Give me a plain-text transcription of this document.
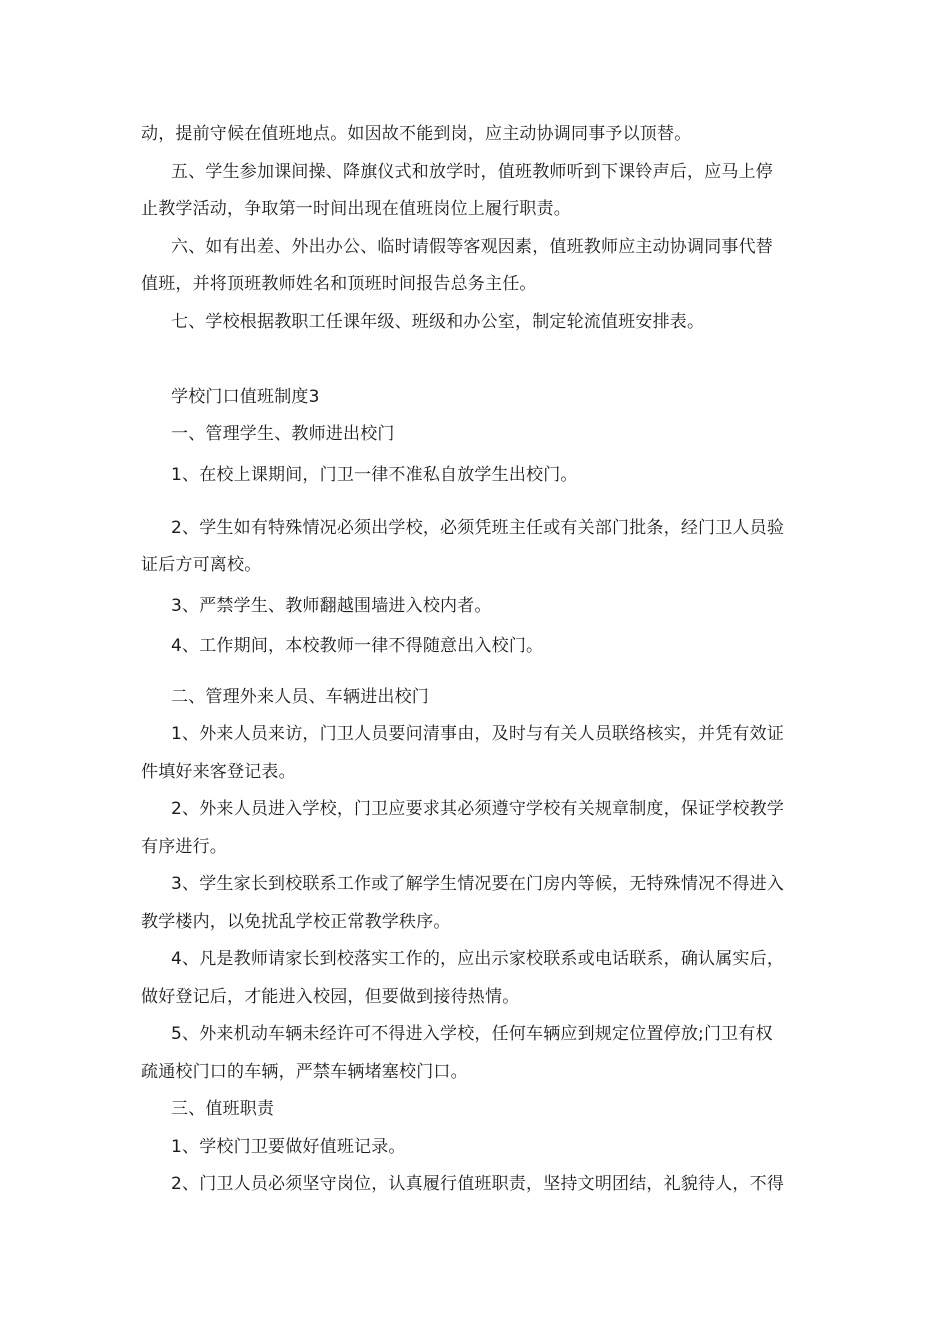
动，提前守候在值班地点。如因故不能到岗，应主动协调同事予以顶替。
五、学生参加课间操、降旗仪式和放学时，值班教师听到下课铃声后，应马上停
止教学活动，争取第一时间出现在值班岗位上履行职责。
六、如有出差、外出办公、临时请假等客观因素，值班教师应主动协调同事代替
值班，并将顶班教师姓名和顶班时间报告总务主任。
七、学校根据教职工任课年级、班级和办公室，制定轮流值班安排表。
学校门口值班制度3
一、管理学生、教师进出校门
1、在校上课期间，门卫一律不准私自放学生出校门。
2、学生如有特殊情况必须出学校，必须凭班主任或有关部门批条，经门卫人员验
证后方可离校。
3、严禁学生、教师翻越围墙进入校内者。
4、工作期间，本校教师一律不得随意出入校门。
二、管理外来人员、车辆进出校门
1、外来人员来访，门卫人员要问清事由，及时与有关人员联络核实，并凭有效证
件填好来客登记表。
2、外来人员进入学校，门卫应要求其必须遵守学校有关规章制度，保证学校教学
有序进行。
3、学生家长到校联系工作或了解学生情况要在门房内等候，无特殊情况不得进入
教学楼内，以免扰乱学校正常教学秩序。
4、凡是教师请家长到校落实工作的，应出示家校联系或电话联系，确认属实后，
做好登记后，才能进入校园，但要做到接待热情。
5、外来机动车辆未经许可不得进入学校，任何车辆应到规定位置停放;门卫有权
疏通校门口的车辆，严禁车辆堵塞校门口。
三、值班职责
1、学校门卫要做好值班记录。
2、门卫人员必须坚守岗位，认真履行值班职责，坚持文明团结，礼貌待人，不得
